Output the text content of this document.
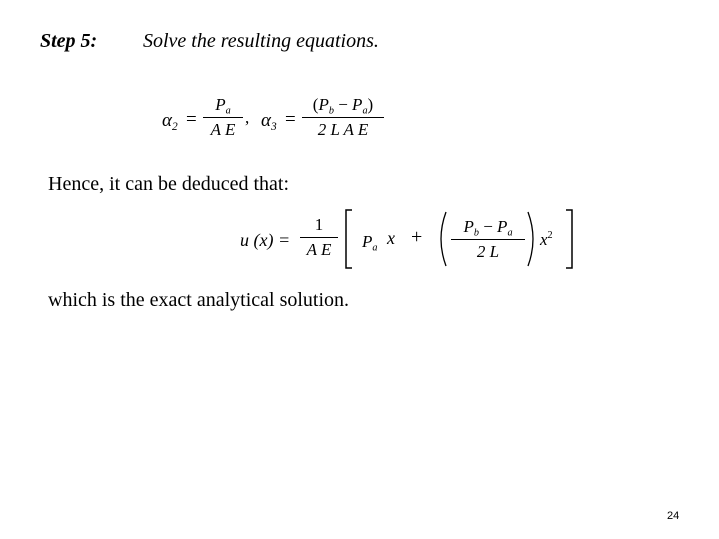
Step 5: Solve the resulting equations.
$\alpha_2$ =
$P_a$
A E
, $\alpha_3$ =
$(P_b - P_a)$
2 L A E
Hence, it can be deduced that:
u (x) =
1
A E	$P_a$
x +	$P_b - P_a$
2 L
$x^2$
which is the exact analytical solution.
24
